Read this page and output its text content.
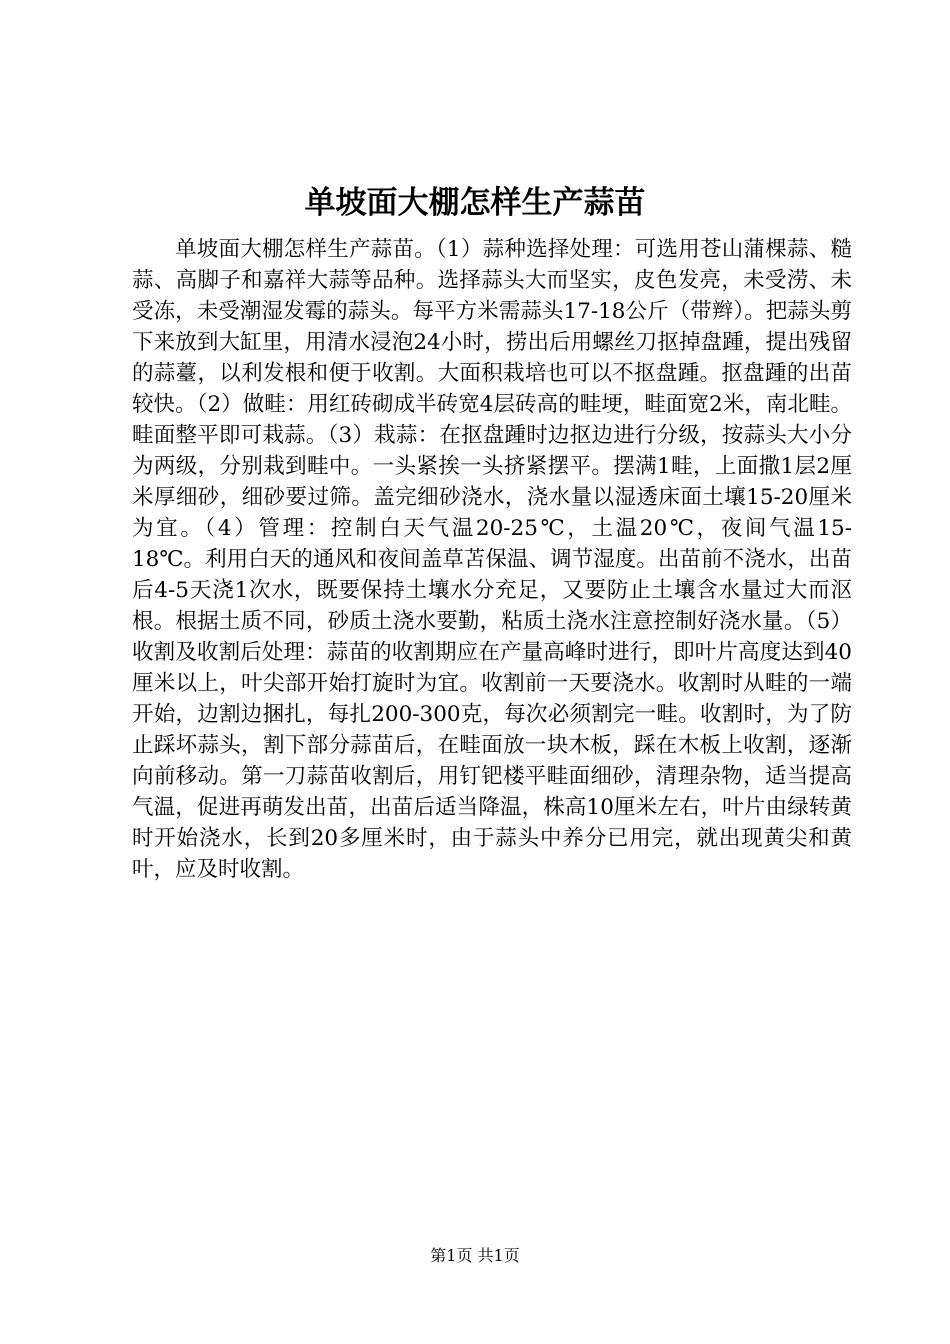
单坡面大棚怎样生产蒜苗

单坡面大棚怎样生产蒜苗。（1）蒜种选择处理：可选用苍山蒲棵蒜、糙蒜、高脚子和嘉祥大蒜等品种。选择蒜头大而坚实，皮色发亮，未受涝、未受冻，未受潮湿发霉的蒜头。每平方米需蒜头17-18公斤（带辫）。把蒜头剪下来放到大缸里，用清水浸泡24小时，捞出后用螺丝刀抠掉盘踵，提出残留的蒜薹，以利发根和便于收割。大面积栽培也可以不抠盘踵。抠盘踵的出苗较快。（2）做畦：用红砖砌成半砖宽4层砖高的畦埂，畦面宽2米，南北畦。畦面整平即可栽蒜。（3）栽蒜：在抠盘踵时边抠边进行分级，按蒜头大小分为两级，分别栽到畦中。一头紧挨一头挤紧摆平。摆满1畦，上面撒1层2厘米厚细砂，细砂要过筛。盖完细砂浇水，浇水量以湿透床面土壤15-20厘米为宜。（4）管理：控制白天气温20-25℃，土温20℃，夜间气温15-18℃。利用白天的通风和夜间盖草苫保温、调节湿度。出苗前不浇水，出苗后4-5天浇1次水，既要保持土壤水分充足，又要防止土壤含水量过大而沤根。根据土质不同，砂质土浇水要勤，粘质土浇水注意控制好浇水量。（5）收割及收割后处理：蒜苗的收割期应在产量高峰时进行，即叶片高度达到40厘米以上，叶尖部开始打旋时为宜。收割前一天要浇水。收割时从畦的一端开始，边割边捆扎，每扎200-300克，每次必须割完一畦。收割时，为了防止踩坏蒜头，割下部分蒜苗后，在畦面放一块木板，踩在木板上收割，逐渐向前移动。第一刀蒜苗收割后，用钉钯楼平畦面细砂，清理杂物，适当提高气温，促进再萌发出苗，出苗后适当降温，株高10厘米左右，叶片由绿转黄时开始浇水，长到20多厘米时，由于蒜头中养分已用完，就出现黄尖和黄叶，应及时收割。

第1页 共1页
